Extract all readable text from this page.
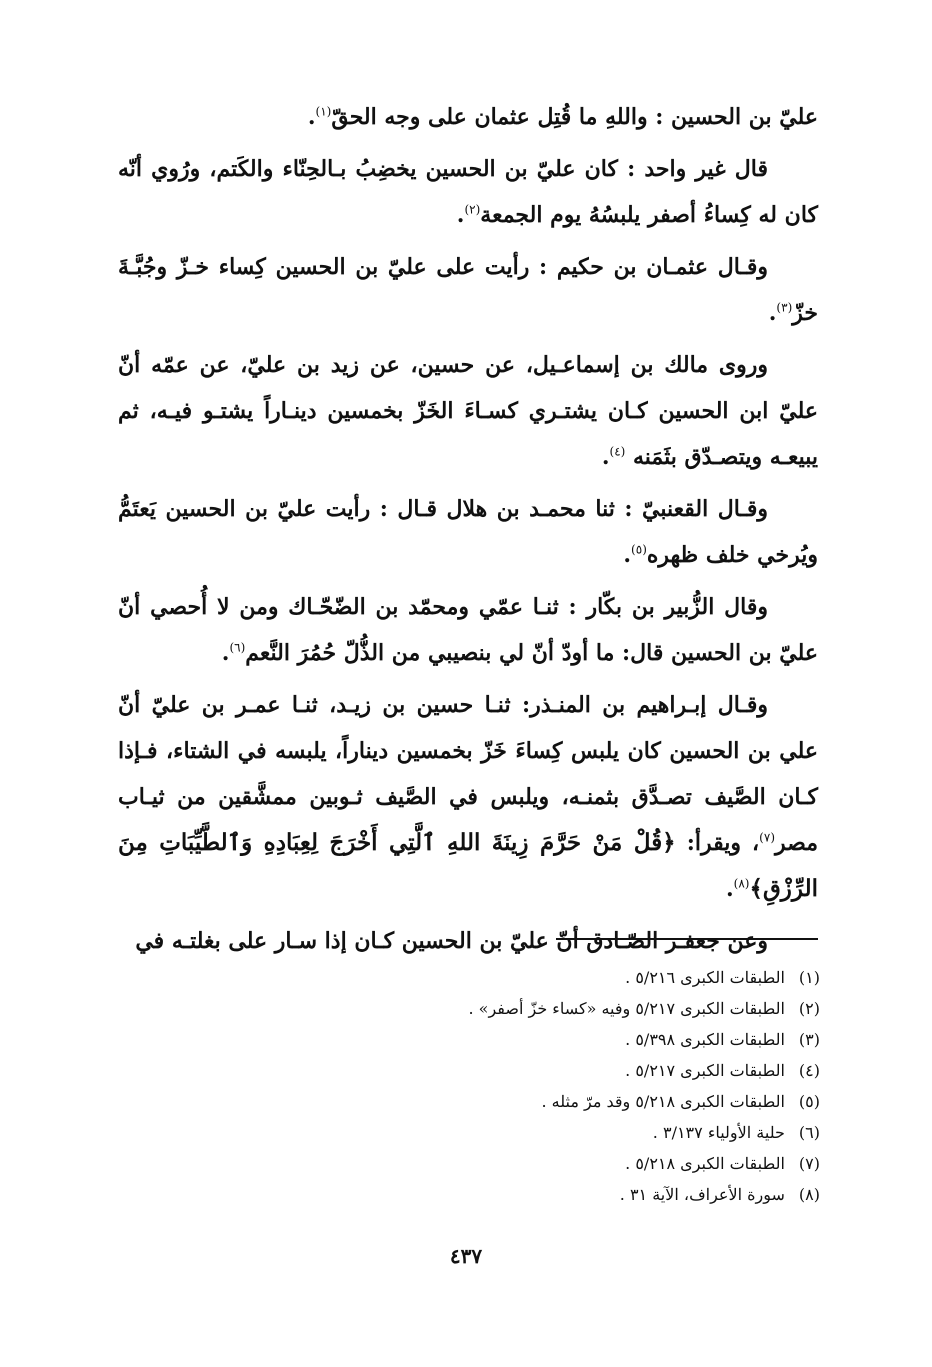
عليّ بن الحسين : واللهِ ما قُتِل عثمان على وجه الحقّ$^{(١)}$.

قال غير واحد : كان عليّ بن الحسين يخضِبُ بـالحِنّاء والكَتم، ورُوي أنّه كان له كِساءُ أصفر يلبسُهُ يوم الجمعة$^{(٢)}$.

وقـال عثمـان بن حكيم : رأيت على عليّ بن الحسين كِساء خـزّ وجُبَّـةَ خزّ$^{(٣)}$.

وروى مالك بن إسماعـيل، عن حسين، عن زيد بن عليّ، عن عمّه أنّ عليّ ابن الحسين كـان يشتـري كسـاءَ الخَزّ بخمسين دينـاراً يشتـو فيـه، ثم يبيعـه ويتصـدّق بثَمَنه $^{(٤)}$.

وقـال القعنبيّ : ثنا محمـد بن هلال قـال : رأيت عليّ بن الحسين يَعتَمُّ ويُرخي خلف ظهره$^{(٥)}$.

وقال الزُّبير بن بكّار : ثنـا عمّي ومحمّد بن الضّحّـاك ومن لا أُحصي أنّ عليّ بن الحسين قال: ما أودّ أنّ لي بنصيبي من الذُّلّ حُمُرَ النَّعم$^{(٦)}$.

وقـال إبـراهيم بن المنـذر: ثنـا حسين بن زيـد، ثنـا عمـر بن عليّ أنّ علي بن الحسين كان يلبس كِساءَ خَزّ بخمسين ديناراً، يلبسه في الشتاء، فـإذا كـان الصَّيف تصـدَّق بثمنـه، ويلبس في الصَّيف ثـوبين ممشَّقين من ثيـاب مصر$^{(٧)}$، ويقرأ: ﴿قُلْ مَنْ حَرَّمَ زِينَةَ اللهِ ٱلَّتِي أَخْرَجَ لِعِبَادِهِ وَٱلطَّيِّبَاتِ مِنَ الرِّزْقِ﴾$^{(٨)}$.

وعن جعفـر الصّـادق أنّ عليّ بن الحسين كـان إذا سـار على بغلتـه في

(١) الطبقات الكبرى ٥/٢١٦ .
(٢) الطبقات الكبرى ٥/٢١٧ وفيه «كساء خزّ أصفر» .
(٣) الطبقات الكبرى ٥/٣٩٨ .
(٤) الطبقات الكبرى ٥/٢١٧ .
(٥) الطبقات الكبرى ٥/٢١٨ وقد مرّ مثله .
(٦) حلية الأولياء ٣/١٣٧ .
(٧) الطبقات الكبرى ٥/٢١٨ .
(٨) سورة الأعراف، الآية ٣١ .
٤٣٧
